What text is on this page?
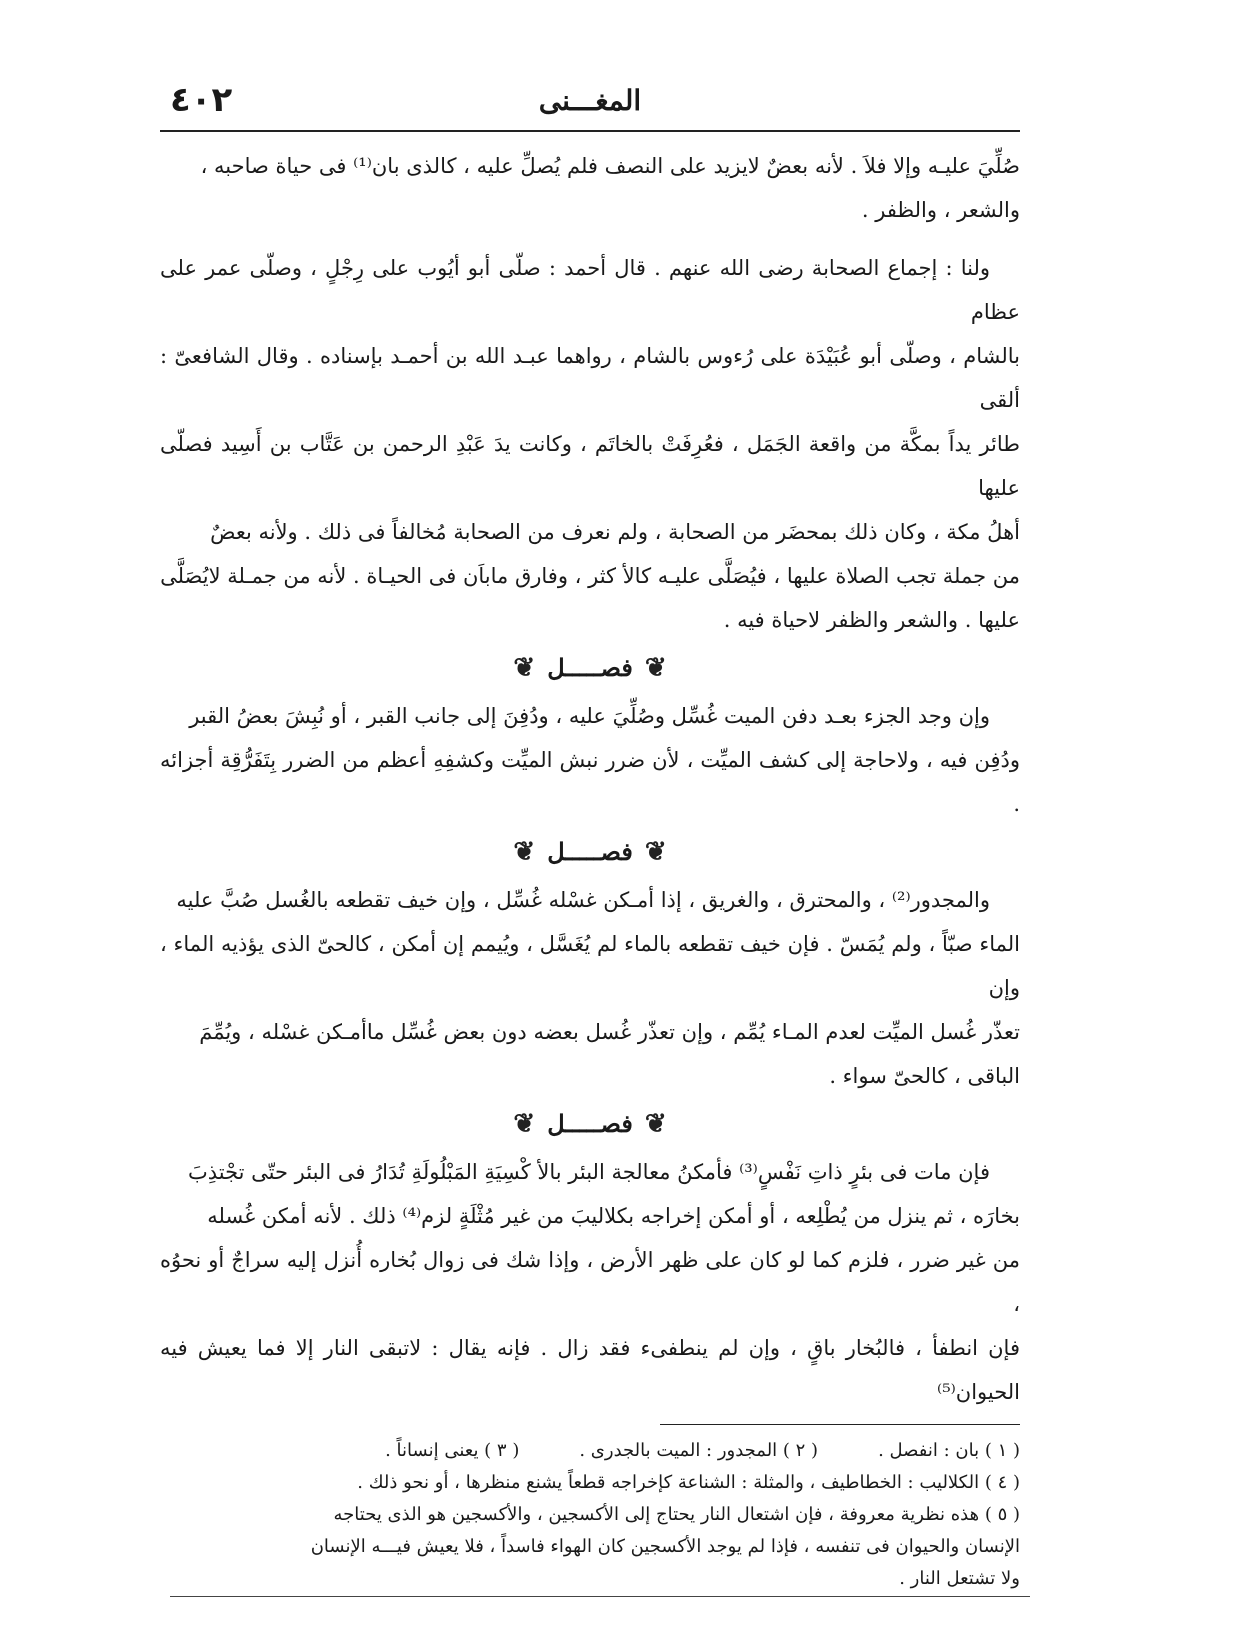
المغـــنى
٤٠٢

صُلِّيَ عليـه وإلا فلاَ . لأنه بعضٌ لايزيد على النصف فلم يُصلِّ عليه ، كالذى بان⁽¹⁾ فى حياة صاحبه ،

والشعر ، والظفر .

ولنا : إجماع الصحابة رضى الله عنهم . قال أحمد : صلّى أبو أيُوب على رِجْلٍ ، وصلّى عمر على عظام

بالشام ، وصلّى أبو عُبَيْدَة على رُءوس بالشام ، رواهما عبـد الله بن أحمـد بإسناده . وقال الشافعىّ : ألقى

طائر يداً بمكَّة من واقعة الجَمَل ، فعُرِفَتْ بالخاتَم ، وكانت يدَ عَبْدِ الرحمن بن عَتَّاب بن أَسِيد فصلّى عليها

أهلُ مكة ، وكان ذلك بمحضَر من الصحابة ، ولم نعرف من الصحابة مُخالفاً فى ذلك . ولأنه بعضٌ

من جملة تجب الصلاة عليها ، فيُصَلَّى عليـه كالأ كثر ، وفارق ماباَن فى الحيـاة . لأنه من جمـلة لايُصَلَّى

عليها . والشعر والظفر لاحياة فيه .

❦
فصـــــل
❦

وإن وجد الجزء بعـد دفن الميت غُسِّل وصُلِّيَ عليه ، ودُفِنَ إلى جانب القبر ، أو نُبِشَ بعضُ القبر

ودُفِن فيه ، ولاحاجة إلى كشف الميِّت ، لأن ضرر نبش الميِّت وكشفِهِ أعظم من الضرر بِتَفَرُّقِة أجزائه .

❦
فصـــــل
❦

والمجدور⁽²⁾ ، والمحترق ، والغريق ، إذا أمـكن غسْله غُسِّل ، وإن خيف تقطعه بالغُسل صُبَّ عليه

الماء صبّاً ، ولم يُمَسّ . فإن خيف تقطعه بالماء لم يُغَسَّل ، ويُيمم إن أمكن ، كالحىّ الذى يؤذيه الماء ، وإن

تعذّر غُسل الميِّت لعدم المـاء يُمِّم ، وإن تعذّر غُسل بعضه دون بعض غُسِّل ماأمـكن غسْله ، ويُمِّمَ

الباقى ، كالحىّ سواء .

❦
فصـــــل
❦

فإن مات فى بئرٍ ذاتِ نَفْسٍ⁽³⁾ فأمكنُ معالجة البئر بالأ كْسِيَةِ المَبْلُولَةِ تُدَارُ فى البئر حتّى تجْتذِبَ

بخارَه ، ثم ينزل من يُطْلِعه ، أو أمكن إخراجه بكلاليبَ من غير مُثْلَةٍ لزم⁽⁴⁾ ذلك . لأنه أمكن غُسله

من غير ضرر ، فلزم كما لو كان على ظهر الأرض ، وإذا شك فى زوال بُخاره أُنزل إليه سراجٌ أو نحوُه ،

فإن انطفأ ، فالبُخار باقٍ ، وإن لم ينطفىء فقد زال . فإنه يقال : لاتبقى النار إلا فما يعيش فيه الحيوان⁽⁵⁾

( ١ ) بان : انفصل .
( ٢ ) المجدور : الميت بالجدرى .
( ٣ ) يعنى إنساناً .

( ٤ ) الكلاليب : الخطاطيف ، والمثلة : الشناعة كإخراجه قطعاً يشنع منظرها ، أو نحو ذلك .

( ٥ ) هذه نظرية معروفة ، فإن اشتعال النار يحتاج إلى الأكسجين ، والأكسجين هو الذى يحتاجه

الإنسان والحيوان فى تنفسه ، فإذا لم يوجد الأكسجين كان الهواء فاسداً ، فلا يعيش فيـــه الإنسان

ولا تشتعل النار .
